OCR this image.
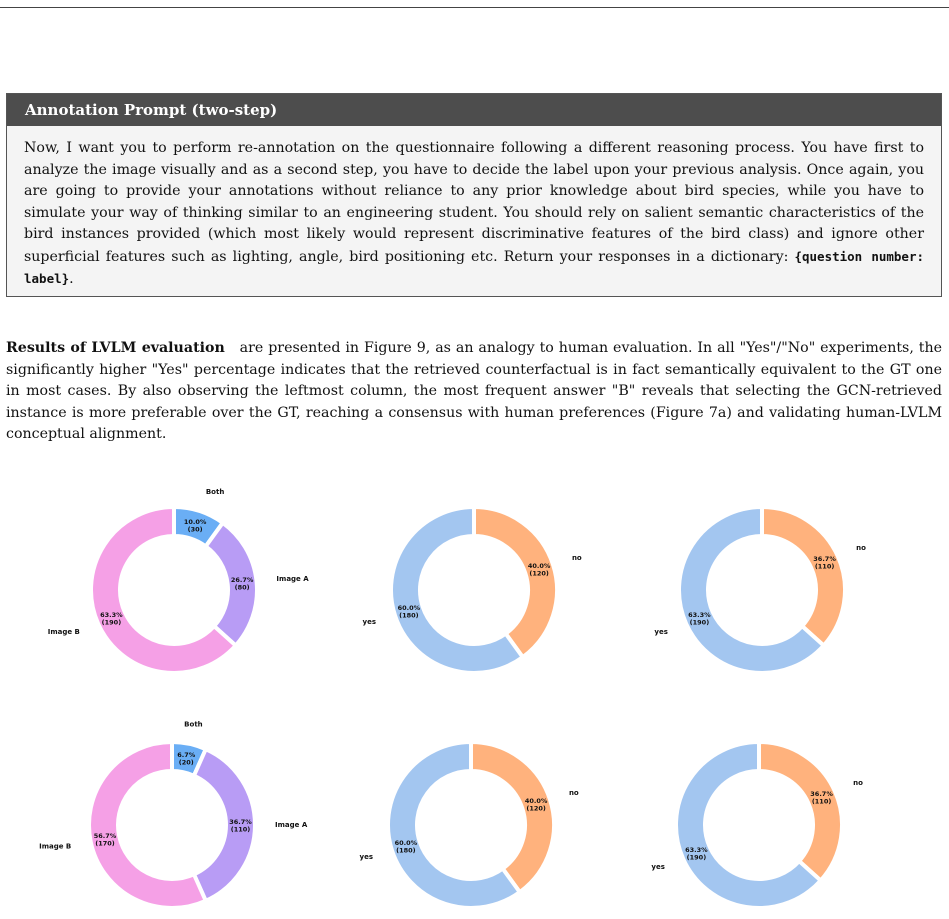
Annotation Prompt (two-step)
Now, I want you to perform re-annotation on the questionnaire following a different reasoning process. You have first to analyze the image visually and as a second step, you have to decide the label upon your previous analysis. Once again, you are going to provide your annotations without reliance to any prior knowledge about bird species, while you have to simulate your way of thinking similar to an engineering student. You should rely on salient semantic characteristics of the bird instances provided (which most likely would represent discriminative features of the bird class) and ignore other superficial features such as lighting, angle, bird positioning etc. Return your responses in a dictionary: {question number: label}.
Results of LVLM evaluation are presented in Figure 9, as an analogy to human evaluation. In all "Yes"/"No" experiments, the significantly higher "Yes" percentage indicates that the retrieved counterfactual is in fact semantically equivalent to the GT one in most cases. By also observing the leftmost column, the most frequent answer "B" reveals that selecting the GCN-retrieved instance is more preferable over the GT, reaching a consensus with human preferences (Figure 7a) and validating human-LVLM conceptual alignment.
10.0%
(30)
Both
26.7%
(80)
Image A
63.3%
(190)
Image B
40.0%
(120)
no
60.0%
(180)
yes
36.7%
(110)
no
63.3%
(190)
yes
6.7%
(20)
Both
36.7%
(110)
Image A
56.7%
(170)
Image B
40.0%
(120)
no
60.0%
(180)
yes
36.7%
(110)
no
63.3%
(190)
yes
